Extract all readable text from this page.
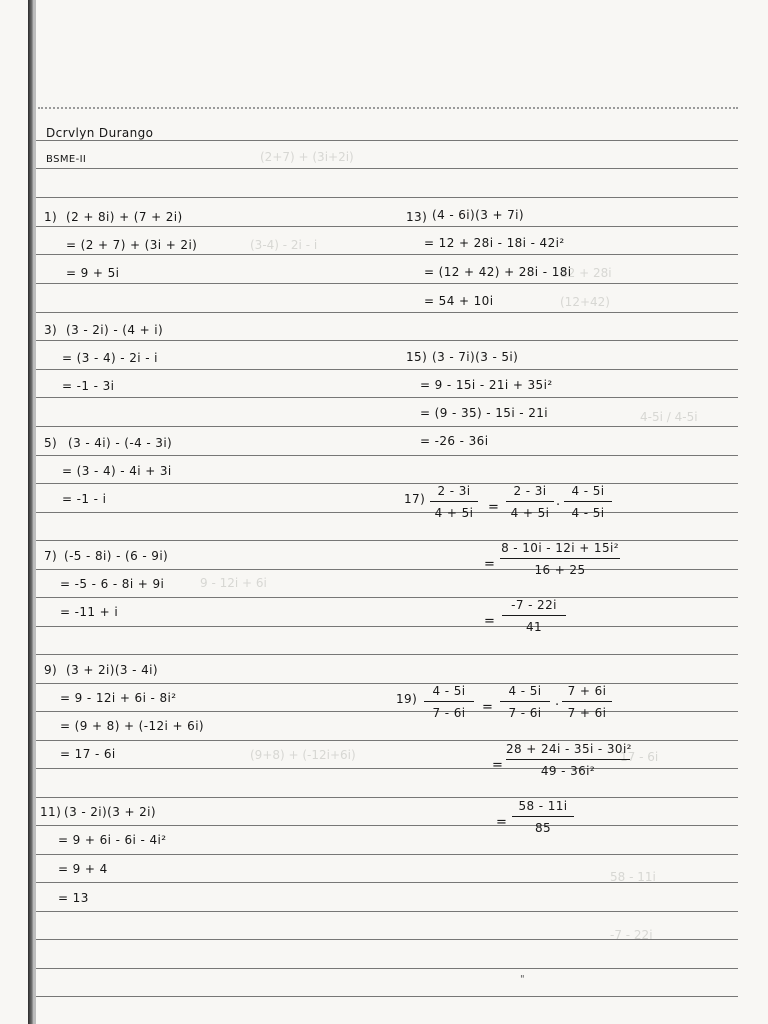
(2+7) + (3i+2i)
(3-4) - 2i - i
12 + 28i
(12+42)
4-5i / 4-5i
9 - 12i + 6i
(9+8) + (-12i+6i)	17 - 6i
58 - 11i
-7 - 22i
Dcrvlyn Durango
BSME-II
1) (2 + 8i) + (7 + 2i)
= (2 + 7) + (3i + 2i)
= 9 + 5i
3) (3 - 2i) - (4 + i)
= (3 - 4) - 2i - i
= -1 - 3i
5) (3 - 4i) - (-4 - 3i)
= (3 - 4) - 4i + 3i
= -1 - i
7) (-5 - 8i) - (6 - 9i)
= -5 - 6 - 8i + 9i
= -11 + i
9) (3 + 2i)(3 - 4i)
= 9 - 12i + 6i - 8i²
= (9 + 8) + (-12i + 6i)
= 17 - 6i
11) (3 - 2i)(3 + 2i)
= 9 + 6i - 6i - 4i²
= 9 + 4
= 13
13) (4 - 6i)(3 + 7i)
= 12 + 28i - 18i - 42i²
= (12 + 42) + 28i - 18i
= 54 + 10i
15) (3 - 7i)(3 - 5i)
= 9 - 15i - 21i + 35i²
= (9 - 35) - 15i - 21i
= -26 - 36i
17)
2 - 3i
4 + 5i	=
2 - 3i
4 + 5i ·
4 - 5i
4 - 5i
=
8 - 10i - 12i + 15i²
16 + 25
=
-7 - 22i
41
19)
4 - 5i
7 - 6i	=
4 - 5i
7 - 6i	·
7 + 6i
7 + 6i
=
28 + 24i - 35i - 30i²
49 - 36i²
=
58 - 11i
85
"
